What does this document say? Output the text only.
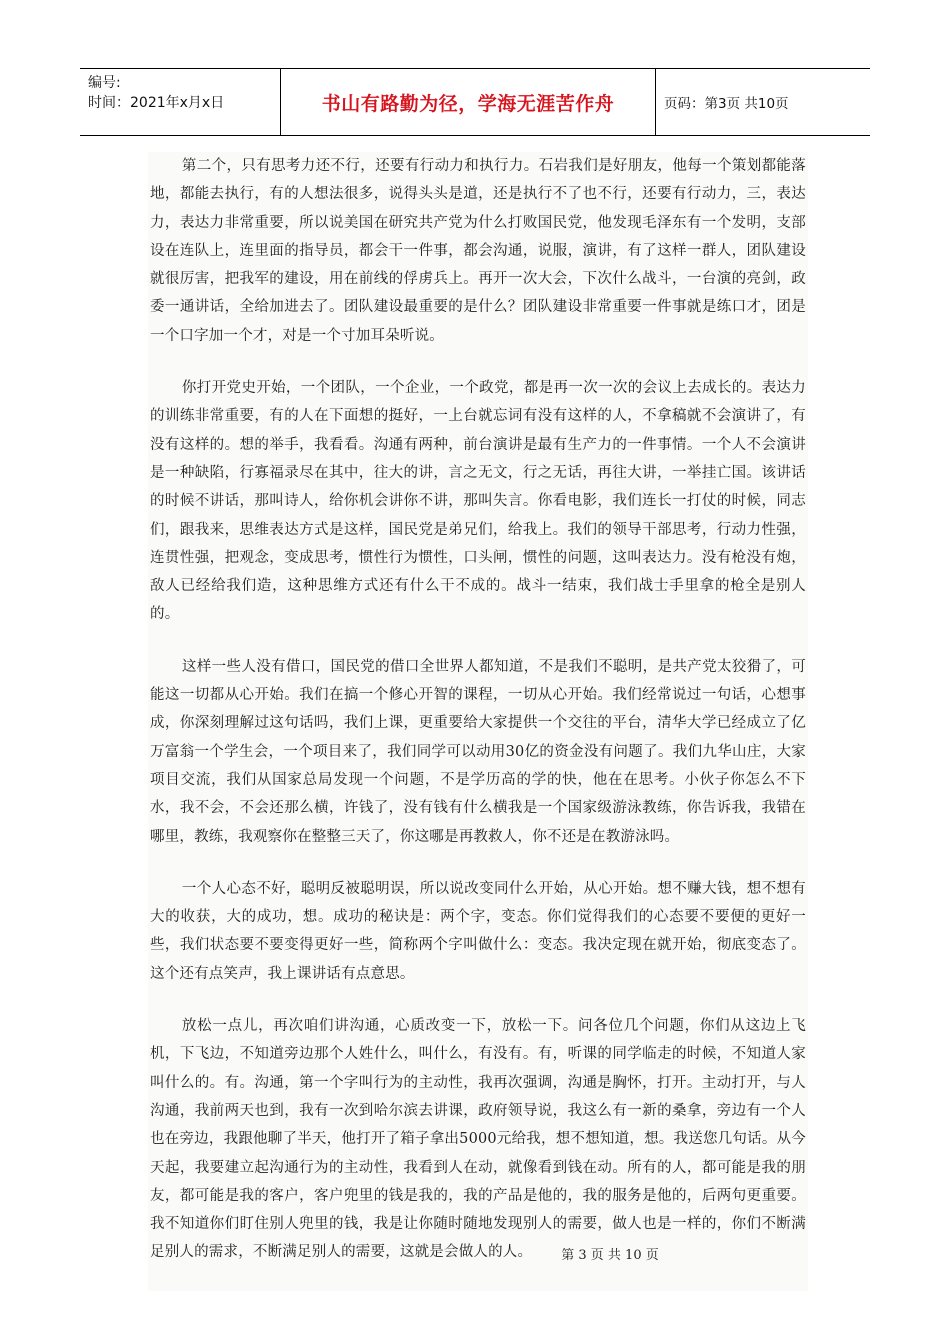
编号:
时间：2021年x月x日	书山有路勤为径，学海无涯苦作舟	页码：第3页 共10页

第二个，只有思考力还不行，还要有行动力和执行力。石岩我们是好朋友，他每一个策划都能落地，都能去执行，有的人想法很多，说得头头是道，还是执行不了也不行，还要有行动力，三，表达力，表达力非常重要，所以说美国在研究共产党为什么打败国民党，他发现毛泽东有一个发明，支部设在连队上，连里面的指导员，都会干一件事，都会沟通，说服，演讲，有了这样一群人，团队建设就很厉害，把我军的建设，用在前线的俘虏兵上。再开一次大会，下次什么战斗，一台演的亮剑，政委一通讲话，全给加进去了。团队建设最重要的是什么？团队建设非常重要一件事就是练口才，团是一个口字加一个才，对是一个寸加耳朵听说。

你打开党史开始，一个团队，一个企业，一个政党，都是再一次一次的会议上去成长的。表达力的训练非常重要，有的人在下面想的挺好，一上台就忘词有没有这样的人，不拿稿就不会演讲了，有没有这样的。想的举手，我看看。沟通有两种，前台演讲是最有生产力的一件事情。一个人不会演讲是一种缺陷，行寡福录尽在其中，往大的讲，言之无文，行之无话，再往大讲，一举挂亡国。该讲话的时候不讲话，那叫诗人，给你机会讲你不讲，那叫失言。你看电影，我们连长一打仗的时候，同志们，跟我来，思维表达方式是这样，国民党是弟兄们，给我上。我们的领导干部思考，行动力性强，连贯性强，把观念，变成思考，惯性行为惯性，口头闸，惯性的问题，这叫表达力。没有枪没有炮，敌人已经给我们造，这种思维方式还有什么干不成的。战斗一结束，我们战士手里拿的枪全是别人的。

这样一些人没有借口，国民党的借口全世界人都知道，不是我们不聪明，是共产党太狡猾了，可能这一切都从心开始。我们在搞一个修心开智的课程，一切从心开始。我们经常说过一句话，心想事成，你深刻理解过这句话吗，我们上课，更重要给大家提供一个交往的平台，清华大学已经成立了亿万富翁一个学生会，一个项目来了，我们同学可以动用30亿的资金没有问题了。我们九华山庄，大家项目交流，我们从国家总局发现一个问题，不是学历高的学的快，他在在思考。小伙子你怎么不下水，我不会，不会还那么横，许钱了，没有钱有什么横我是一个国家级游泳教练，你告诉我，我错在哪里，教练，我观察你在整整三天了，你这哪是再教救人，你不还是在教游泳吗。

一个人心态不好，聪明反被聪明误，所以说改变同什么开始，从心开始。想不赚大钱，想不想有大的收获，大的成功，想。成功的秘诀是：两个字，变态。你们觉得我们的心态要不要便的更好一些，我们状态要不要变得更好一些，简称两个字叫做什么：变态。我决定现在就开始，彻底变态了。这个还有点笑声，我上课讲话有点意思。

放松一点儿，再次咱们讲沟通，心质改变一下，放松一下。问各位几个问题，你们从这边上飞机，下飞边，不知道旁边那个人姓什么，叫什么，有没有。有，听课的同学临走的时候，不知道人家叫什么的。有。沟通，第一个字叫行为的主动性，我再次强调，沟通是胸怀，打开。主动打开，与人沟通，我前两天也到，我有一次到哈尔滨去讲课，政府领导说，我这么有一新的桑拿，旁边有一个人也在旁边，我跟他聊了半天，他打开了箱子拿出5000元给我，想不想知道，想。我送您几句话。从今天起，我要建立起沟通行为的主动性，我看到人在动，就像看到钱在动。所有的人，都可能是我的朋友，都可能是我的客户，客户兜里的钱是我的，我的产品是他的，我的服务是他的，后两句更重要。我不知道你们盯住别人兜里的钱，我是让你随时随地发现别人的需要，做人也是一样的，你们不断满足别人的需求，不断满足别人的需要，这就是会做人的人。	第 3 页 共 10 页
